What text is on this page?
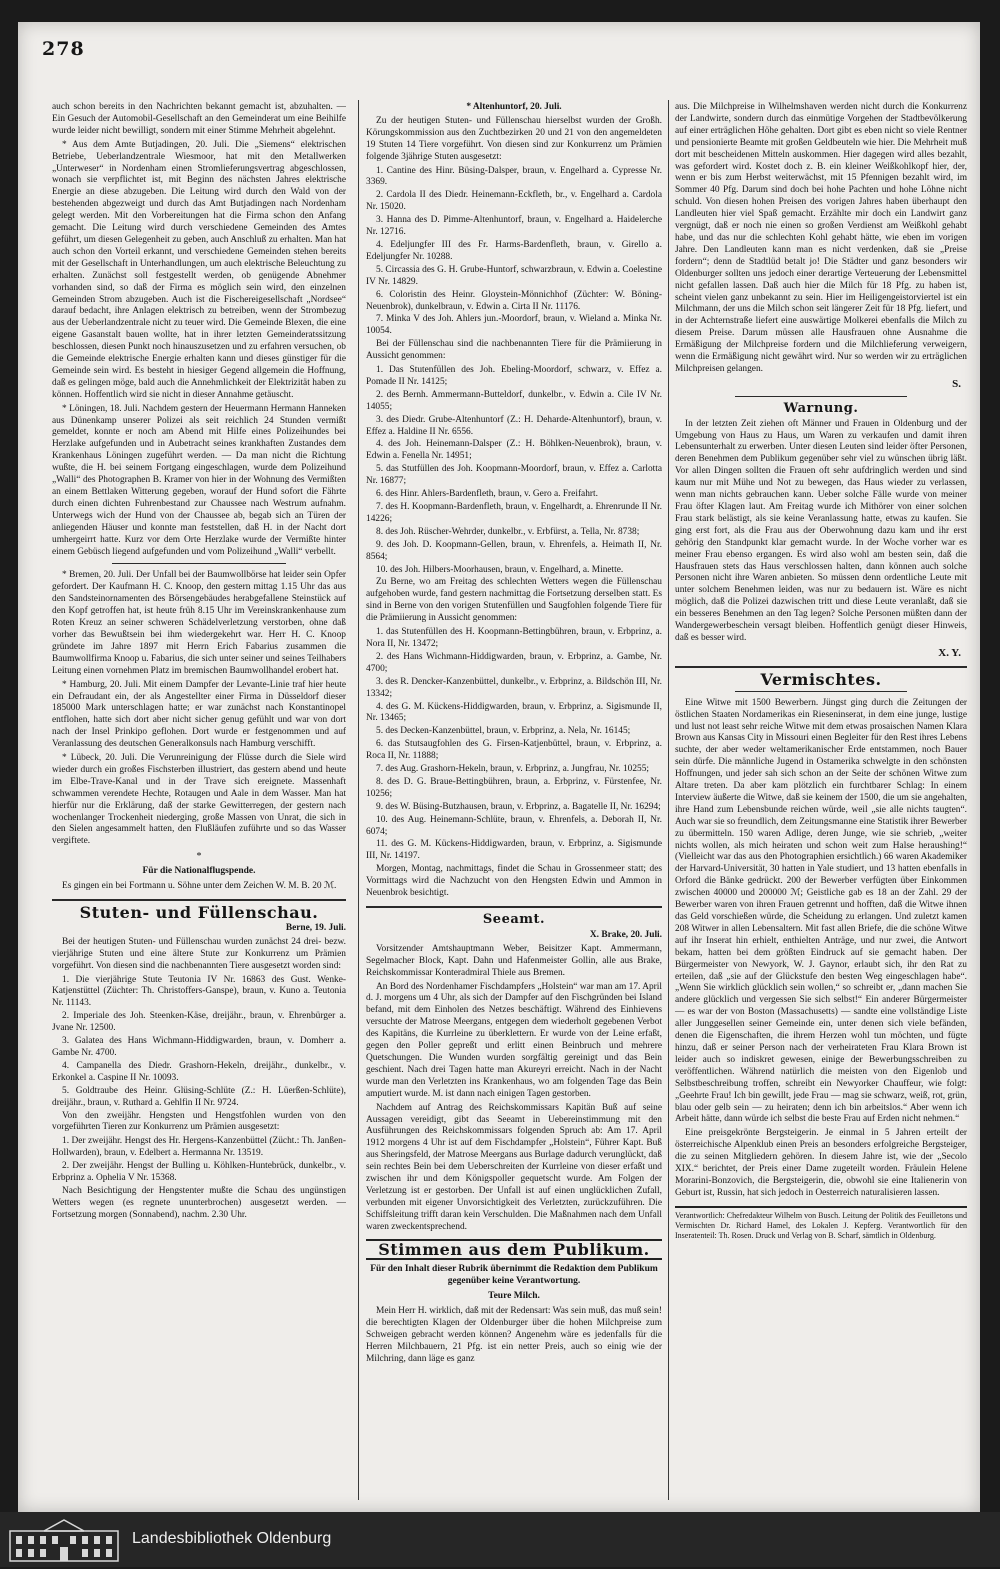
278

auch schon bereits in den Nachrichten bekannt gemacht ist, abzuhalten. — Ein Gesuch der Automobil-Gesellschaft an den Gemeinderat um eine Beihilfe wurde leider nicht bewilligt, sondern mit einer Stimme Mehrheit abgelehnt.

* Aus dem Amte Butjadingen, 20. Juli. Die „Siemens“ elektrischen Betriebe, Ueberlandzentrale Wiesmoor, hat mit den Metallwerken „Unterweser“ in Nordenham einen Stromlieferungsvertrag abgeschlossen, wonach sie verpflichtet ist, mit Beginn des nächsten Jahres elektrische Energie an diese abzugeben. Die Leitung wird durch den Wald von der bestehenden abgezweigt und durch das Amt Butjadingen nach Nordenham gelegt werden. Mit den Vorbereitungen hat die Firma schon den Anfang gemacht. Die Leitung wird durch verschiedene Gemeinden des Amtes geführt, um diesen Gelegenheit zu geben, auch Anschluß zu erhalten. Man hat auch schon den Vorteil erkannt, und verschiedene Gemeinden stehen bereits mit der Gesellschaft in Unterhandlungen, um auch elektrische Beleuchtung zu erhalten. Zunächst soll festgestellt werden, ob genügende Abnehmer vorhanden sind, so daß der Firma es möglich sein wird, den einzelnen Gemeinden Strom abzugeben. Auch ist die Fischereigesellschaft „Nordsee“ darauf bedacht, ihre Anlagen elektrisch zu betreiben, wenn der Strombezug aus der Ueberlandzentrale nicht zu teuer wird. Die Gemeinde Blexen, die eine eigene Gasanstalt bauen wollte, hat in ihrer letzten Gemeinderatssitzung beschlossen, diesen Punkt noch hinauszusetzen und zu erfahren versuchen, ob die Gemeinde elektrische Energie erhalten kann und dieses günstiger für die Gemeinde sein wird. Es besteht in hiesiger Gegend allgemein die Hoffnung, daß es gelingen möge, bald auch die Annehmlichkeit der Elektrizität haben zu können. Hoffentlich wird sie nicht in dieser Annahme getäuscht.

* Löningen, 18. Juli. Nachdem gestern der Heuermann Hermann Hanneken aus Dünenkamp unserer Polizei als seit reichlich 24 Stunden vermißt gemeldet, konnte er noch am Abend mit Hilfe eines Polizeihundes bei Herzlake aufgefunden und in Aubetracht seines krankhaften Zustandes dem Krankenhaus Löningen zugeführt werden. — Da man nicht die Richtung wußte, die H. bei seinem Fortgang eingeschlagen, wurde dem Polizeihund „Walli“ des Photographen B. Kramer von hier in der Wohnung des Vermißten an einem Bettlaken Witterung gegeben, worauf der Hund sofort die Fährte durch einen dichten Fuhrenbestand zur Chaussee nach Westrum aufnahm. Unterwegs wich der Hund von der Chaussee ab, begab sich an Türen der anliegenden Häuser und konnte man feststellen, daß H. in der Nacht dort umhergeirrt hatte. Kurz vor dem Orte Herzlake wurde der Vermißte hinter einem Gebüsch liegend aufgefunden und vom Polizeihund „Walli“ verbellt.

* Bremen, 20. Juli. Der Unfall bei der Baumwollbörse hat leider sein Opfer gefordert. Der Kaufmann H. C. Knoop, den gestern mittag 1.15 Uhr das aus den Sandsteinornamenten des Börsengebäudes herabgefallene Steinstück auf den Kopf getroffen hat, ist heute früh 8.15 Uhr im Vereinskrankenhause zum Roten Kreuz an seiner schweren Schädelverletzung verstorben, ohne daß vorher das Bewußtsein bei ihm wiedergekehrt war. Herr H. C. Knoop gründete im Jahre 1897 mit Herrn Erich Fabarius zusammen die Baumwollfirma Knoop u. Fabarius, die sich unter seiner und seines Teilhabers Leitung einen vornehmen Platz im bremischen Baumwollhandel erobert hat.

* Hamburg, 20. Juli. Mit einem Dampfer der Levante-Linie traf hier heute ein Defraudant ein, der als Angestellter einer Firma in Düsseldorf dieser 185000 Mark unterschlagen hatte; er war zunächst nach Konstantinopel entflohen, hatte sich dort aber nicht sicher genug gefühlt und war von dort nach der Insel Prinkipo geflohen. Dort wurde er festgenommen und auf Veranlassung des deutschen Generalkonsuls nach Hamburg verschifft.

* Lübeck, 20. Juli. Die Verunreinigung der Flüsse durch die Siele wird wieder durch ein großes Fischsterben illustriert, das gestern abend und heute im Elbe-Trave-Kanal und in der Trave sich ereignete. Massenhaft schwammen verendete Hechte, Rotaugen und Aale in dem Wasser. Man hat hierfür nur die Erklärung, daß der starke Gewitterregen, der gestern nach wochenlanger Trockenheit niederging, große Massen von Unrat, die sich in den Sielen angesammelt hatten, den Flußläufen zuführte und so das Wasser vergiftete.

*
Für die Nationalflugspende.

Es gingen ein bei Fortmann u. Söhne unter dem Zeichen W. M. B. 20 ℳ.

Stuten- und Füllenschau.
Berne, 19. Juli.

Bei der heutigen Stuten- und Füllenschau wurden zunächst 24 drei- bezw. vierjährige Stuten und eine ältere Stute zur Konkurrenz um Prämien vorgeführt. Von diesen sind die nachbenannten Tiere ausgesetzt worden sind:

1. Die vierjährige Stute Teutonia IV Nr. 16863 des Gust. Wenke-Katjenstüttel (Züchter: Th. Christoffers-Ganspe), braun, v. Kuno a. Teutonia Nr. 11143.
2. Imperiale des Joh. Steenken-Käse, dreijähr., braun, v. Ehrenbürger a. Jvane Nr. 12500.
3. Galatea des Hans Wichmann-Hiddigwarden, braun, v. Domherr a. Gambe Nr. 4700.
4. Campanella des Diedr. Grashorn-Hekeln, dreijähr., dunkelbr., v. Erkonkel a. Caspine II Nr. 10093.
5. Goldtraube des Heinr. Glüsing-Schlüte (Z.: H. Lüerßen-Schlüte), dreijähr., braun, v. Ruthard a. Gehlfin II Nr. 9724.

Von den zweijähr. Hengsten und Hengstfohlen wurden von den vorgeführten Tieren zur Konkurrenz um Prämien ausgesetzt:

1. Der zweijähr. Hengst des Hr. Hergens-Kanzenbüttel (Zücht.: Th. Janßen-Hollwarden), braun, v. Edelbert a. Hermanna Nr. 13519.
2. Der zweijähr. Hengst der Bulling u. Köhlken-Huntebrück, dunkelbr., v. Erbprinz a. Ophelia V Nr. 15368.

Nach Besichtigung der Hengstenter mußte die Schau des ungünstigen Wetters wegen (es regnete ununterbrochen) ausgesetzt werden. — Fortsetzung morgen (Sonnabend), nachm. 2.30 Uhr.

* Altenhuntorf, 20. Juli.

Zu der heutigen Stuten- und Füllenschau hierselbst wurden der Großh. Körungskommission aus den Zuchtbezirken 20 und 21 von den angemeldeten 19 Stuten 14 Tiere vorgeführt. Von diesen sind zur Konkurrenz um Prämien folgende 3jährige Stuten ausgesetzt:

1. Cantine des Hinr. Büsing-Dalsper, braun, v. Engelhard a. Cypresse Nr. 3369.
2. Cardola II des Diedr. Heinemann-Eckfleth, br., v. Engelhard a. Cardola Nr. 15020.
3. Hanna des D. Pimme-Altenhuntorf, braun, v. Engelhard a. Haidelerche Nr. 12716.
4. Edeljungfer III des Fr. Harms-Bardenfleth, braun, v. Girello a. Edeljungfer Nr. 10288.
5. Circassia des G. H. Grube-Huntorf, schwarzbraun, v. Edwin a. Coelestine IV Nr. 14829.
6. Coloristin des Heinr. Gloystein-Mönnichhof (Züchter: W. Böning-Neuenbrok), dunkelbraun, v. Edwin a. Cirta II Nr. 11176.
7. Minka V des Joh. Ahlers jun.-Moordorf, braun, v. Wieland a. Minka Nr. 10054.

Bei der Füllenschau sind die nachbenannten Tiere für die Prämiierung in Aussicht genommen:

1. Das Stutenfüllen des Joh. Ebeling-Moordorf, schwarz, v. Effez a. Pomade II Nr. 14125;
2. des Bernh. Ammermann-Butteldorf, dunkelbr., v. Edwin a. Cile IV Nr. 14055;
3. des Diedr. Grube-Altenhuntorf (Z.: H. Deharde-Altenhuntorf), braun, v. Effez a. Haldine II Nr. 6556.
4. des Joh. Heinemann-Dalsper (Z.: H. Böhlken-Neuenbrok), braun, v. Edwin a. Fenella Nr. 14951;
5. das Stutfüllen des Joh. Koopmann-Moordorf, braun, v. Effez a. Carlotta Nr. 16877;
6. des Hinr. Ahlers-Bardenfleth, braun, v. Gero a. Freifahrt.
7. des H. Koopmann-Bardenfleth, braun, v. Engelhardt, a. Ehrenrunde II Nr. 14226;
8. des Joh. Rüscher-Wehrder, dunkelbr., v. Erbfürst, a. Tella, Nr. 8738;
9. des Joh. D. Koopmann-Gellen, braun, v. Ehrenfels, a. Heimath II, Nr. 8564;
10. des Joh. Hilbers-Moorhausen, braun, v. Engelhard, a. Minette.

Zu Berne, wo am Freitag des schlechten Wetters wegen die Füllenschau aufgehoben wurde, fand gestern nachmittag die Fortsetzung derselben statt. Es sind in Berne von den vorigen Stutenfüllen und Saugfohlen folgende Tiere für die Prämiierung in Aussicht genommen:

1. das Stutenfüllen des H. Koopmann-Bettingbühren, braun, v. Erbprinz, a. Nora II, Nr. 13472;
2. des Hans Wichmann-Hiddigwarden, braun, v. Erbprinz, a. Gambe, Nr. 4700;
3. des R. Dencker-Kanzenbüttel, dunkelbr., v. Erbprinz, a. Bildschön III, Nr. 13342;
4. des G. M. Kückens-Hiddigwarden, braun, v. Erbprinz, a. Sigismunde II, Nr. 13465;
5. des Decken-Kanzenbüttel, braun, v. Erbprinz, a. Nela, Nr. 16145;
6. das Stutsaugfohlen des G. Firsen-Katjenbüttel, braun, v. Erbprinz, a. Roca II, Nr. 11888;
7. des Aug. Grashorn-Hekeln, braun, v. Erbprinz, a. Jungfrau, Nr. 10255;
8. des D. G. Braue-Bettingbühren, braun, a. Erbprinz, v. Fürstenfee, Nr. 10256;
9. des W. Büsing-Butzhausen, braun, v. Erbprinz, a. Bagatelle II, Nr. 16294;
10. des Aug. Heinemann-Schlüte, braun, v. Ehrenfels, a. Deborah II, Nr. 6074;
11. des G. M. Kückens-Hiddigwarden, braun, v. Erbprinz, a. Sigismunde III, Nr. 14197.

Morgen, Montag, nachmittags, findet die Schau in Grossenmeer statt; des Vormittags wird die Nachzucht von den Hengsten Edwin und Ammon in Neuenbrok besichtigt.

Seeamt.
X. Brake, 20. Juli.

Vorsitzender Amtshauptmann Weber, Beisitzer Kapt. Ammermann, Segelmacher Block, Kapt. Dahn und Hafenmeister Gollin, alle aus Brake, Reichskommissar Konteradmiral Thiele aus Bremen.

An Bord des Nordenhamer Fischdampfers „Holstein“ war man am 17. April d. J. morgens um 4 Uhr, als sich der Dampfer auf den Fischgründen bei Island befand, mit dem Einholen des Netzes beschäftigt. Während des Einhievens versuchte der Matrose Meergans, entgegen dem wiederholt gegebenen Verbot des Kapitäns, die Kurrleine zu überklettern. Er wurde von der Leine erfaßt, gegen den Poller gepreßt und erlitt einen Beinbruch und mehrere Quetschungen. Die Wunden wurden sorgfältig gereinigt und das Bein geschient. Nach drei Tagen hatte man Akureyri erreicht. Nach in der Nacht wurde man den Verletzten ins Krankenhaus, wo am folgenden Tage das Bein amputiert wurde. M. ist dann nach einigen Tagen gestorben.

Nachdem auf Antrag des Reichskommissars Kapitän Buß auf seine Aussagen vereidigt, gibt das Seeamt in Uebereinstimmung mit den Ausführungen des Reichskommissars folgenden Spruch ab: Am 17. April 1912 morgens 4 Uhr ist auf dem Fischdampfer „Holstein“, Führer Kapt. Buß aus Sheringsfeld, der Matrose Meergans aus Burlage dadurch verunglückt, daß sein rechtes Bein bei dem Ueberschreiten der Kurrleine von dieser erfaßt und zwischen ihr und dem Königspoller gequetscht wurde. Am Folgen der Verletzung ist er gestorben. Der Unfall ist auf einen unglücklichen Zufall, verbunden mit eigener Unvorsichtigkeit des Verletzten, zurückzuführen. Die Schiffsleitung trifft daran kein Verschulden. Die Maßnahmen nach dem Unfall waren zweckentsprechend.

Stimmen aus dem Publikum.
Für den Inhalt dieser Rubrik übernimmt die Redaktion dem Publikum gegenüber keine Verantwortung.
Teure Milch.

Mein Herr H. wirklich, daß mit der Redensart: Was sein muß, das muß sein! die berechtigten Klagen der Oldenburger über die hohen Milchpreise zum Schweigen gebracht werden können? Angenehm wäre es jedenfalls für die Herren Milchbauern, 21 Pfg. ist ein netter Preis, auch so einig wie der Milchring, dann läge es ganz

aus. Die Milchpreise in Wilhelmshaven werden nicht durch die Konkurrenz der Landwirte, sondern durch das einmütige Vorgehen der Stadtbevölkerung auf einer erträglichen Höhe gehalten. Dort gibt es eben nicht so viele Rentner und pensionierte Beamte mit großen Geldbeuteln wie hier. Die Mehrheit muß dort mit bescheidenen Mitteln auskommen. Hier dagegen wird alles bezahlt, was gefordert wird. Kostet doch z. B. ein kleiner Weißkohlkopf hier, der, wenn er bis zum Herbst weiterwächst, mit 15 Pfennigen bezahlt wird, im Sommer 40 Pfg. Darum sind doch bei hohe Pachten und hohe Löhne nicht schuld. Von diesen hohen Preisen des vorigen Jahres haben überhaupt den Landleuten hier viel Spaß gemacht. Erzählte mir doch ein Landwirt ganz vergnügt, daß er noch nie einen so großen Verdienst am Weißkohl gehabt habe, und das nur die schlechten Kohl gehabt hätte, wie eben im vorigen Jahre. Den Landleuten kann man es nicht verdenken, daß sie „Preise fordern“; denn de Stadtlüd betalt jo! Die Städter und ganz besonders wir Oldenburger sollten uns jedoch einer derartige Verteuerung der Lebensmittel nicht gefallen lassen. Daß auch hier die Milch für 18 Pfg. zu haben ist, scheint vielen ganz unbekannt zu sein. Hier im Heiligengeistorviertel ist ein Milchmann, der uns die Milch schon seit längerer Zeit für 18 Pfg. liefert, und in der Achternstraße liefert eine auswärtige Molkerei ebenfalls die Milch zu diesem Preise. Darum müssen alle Hausfrauen ohne Ausnahme die Ermäßigung der Milchpreise fordern und die Milchlieferung verweigern, wenn die Ermäßigung nicht gewährt wird. Nur so werden wir zu erträglichen Milchpreisen gelangen.

S.
Warnung.

In der letzten Zeit ziehen oft Männer und Frauen in Oldenburg und der Umgebung von Haus zu Haus, um Waren zu verkaufen und damit ihren Lebensunterhalt zu erwerben. Unter diesen Leuten sind leider öfter Personen, deren Benehmen dem Publikum gegenüber sehr viel zu wünschen übrig läßt. Vor allen Dingen sollten die Frauen oft sehr aufdringlich werden und sind kaum nur mit Mühe und Not zu bewegen, das Haus wieder zu verlassen, wenn man nichts gebrauchen kann. Ueber solche Fälle wurde von meiner Frau öfter Klagen laut. Am Freitag wurde ich Mithörer von einer solchen Frau stark belästigt, als sie keine Veranlassung hatte, etwas zu kaufen. Sie ging erst fort, als die Frau aus der Oberwohnung dazu kam und ihr erst gehörig den Standpunkt klar gemacht wurde. In der Woche vorher war es meiner Frau ebenso ergangen. Es wird also wohl am besten sein, daß die Hausfrauen stets das Haus verschlossen halten, dann können auch solche Personen nicht ihre Waren anbieten. So müssen denn ordentliche Leute mit unter solchem Benehmen leiden, was nur zu bedauern ist. Wäre es nicht möglich, daß die Polizei dazwischen tritt und diese Leute veranlaßt, daß sie ein besseres Benehmen an den Tag legen? Solche Personen müßten dann der Wandergewerbeschein versagt bleiben. Hoffentlich genügt dieser Hinweis, daß es besser wird.

X. Y.
Vermischtes.

Eine Witwe mit 1500 Bewerbern. Jüngst ging durch die Zeitungen der östlichen Staaten Nordamerikas ein Rieseninserat, in dem eine junge, lustige und lust not least sehr reiche Witwe mit dem etwas prosaischen Namen Klara Brown aus Kansas City in Missouri einen Begleiter für den Rest ihres Lebens suchte, der aber weder weltamerikanischer Erde entstammen, noch Bauer sein dürfe. Die männliche Jugend in Ostamerika schwelgte in den schönsten Hoffnungen, und jeder sah sich schon an der Seite der schönen Witwe zum Altare treten. Da aber kam plötzlich ein furchtbarer Schlag: In einem Interview äußerte die Witwe, daß sie keinem der 1500, die um sie angehalten, ihre Hand zum Lebensbunde reichen würde, weil „sie alle nichts taugten“. Auch war sie so freundlich, dem Zeitungsmanne eine Statistik ihrer Bewerber zu übermitteln. 150 waren Adlige, deren Junge, wie sie schrieb, „weiter nichts wollen, als mich heiraten und schon weit zum Halse heraushing!“ (Vielleicht war das aus den Photographien ersichtlich.) 66 waren Akademiker der Harvard-Universität, 30 hatten in Yale studiert, und 13 hatten ebenfalls in Orford die Bänke gedrückt. 200 der Bewerber verfügten über Einkommen zwischen 40000 und 200000 ℳ; Geistliche gab es 18 an der Zahl. 29 der Bewerber waren von ihren Frauen getrennt und hofften, daß die Witwe ihnen das Geld vorschießen würde, die Scheidung zu erlangen. Und zuletzt kamen 208 Witwer in allen Lebensaltern. Mit fast allen Briefe, die die schöne Witwe auf ihr Inserat hin erhielt, enthielten Anträge, und nur zwei, die Antwort bekam, hatten bei dem größten Eindruck auf sie gemacht haben. Der Bürgermeister von Newyork, W. J. Gaynor, erlaubt sich, ihr den Rat zu erteilen, daß „sie auf der Glückstufe den besten Weg eingeschlagen habe“. „Wenn Sie wirklich glücklich sein wollen,“ so schreibt er, „dann machen Sie andere glücklich und vergessen Sie sich selbst!“ Ein anderer Bürgermeister — es war der von Boston (Massachusetts) — sandte eine vollständige Liste aller Junggesellen seiner Gemeinde ein, unter denen sich viele befänden, denen die Eigenschaften, die ihrem Herzen wohl tun möchten, und fügte hinzu, daß er seiner Person nach der verheirateten Frau Klara Brown ist leider auch so indiskret gewesen, einige der Bewerbungsschreiben zu veröffentlichen. Während natürlich die meisten von den Eigenlob und Selbstbeschreibung troffen, schreibt ein Newyorker Chauffeur, wie folgt: „Geehrte Frau! Ich bin gewillt, jede Frau — mag sie schwarz, weiß, rot, grün, blau oder gelb sein — zu heiraten; denn ich bin arbeitslos.“ Aber wenn ich Arbeit hätte, dann würde ich selbst die beste Frau auf Erden nicht nehmen.“

Eine preisgekrönte Bergsteigerin. Je einmal in 5 Jahren erteilt der österreichische Alpenklub einen Preis an besonders erfolgreiche Bergsteiger, die zu seinen Mitgliedern gehören. In diesem Jahre ist, wie der „Secolo XIX.“ berichtet, der Preis einer Dame zugeteilt worden. Fräulein Helene Morarini-Bonzovich, die Bergsteigerin, die, obwohl sie eine Italienerin von Geburt ist, Russin, hat sich jedoch in Oesterreich naturalisieren lassen.

Verantwortlich: Chefredakteur Wilhelm von Busch. Leitung der Politik des Feuilletons und Vermischten Dr. Richard Hamel, des Lokalen J. Kepferg. Verantwortlich für den Inseratenteil: Th. Rosen. Druck und Verlag von B. Scharf, sämtlich in Oldenburg.
Landesbibliothek Oldenburg
